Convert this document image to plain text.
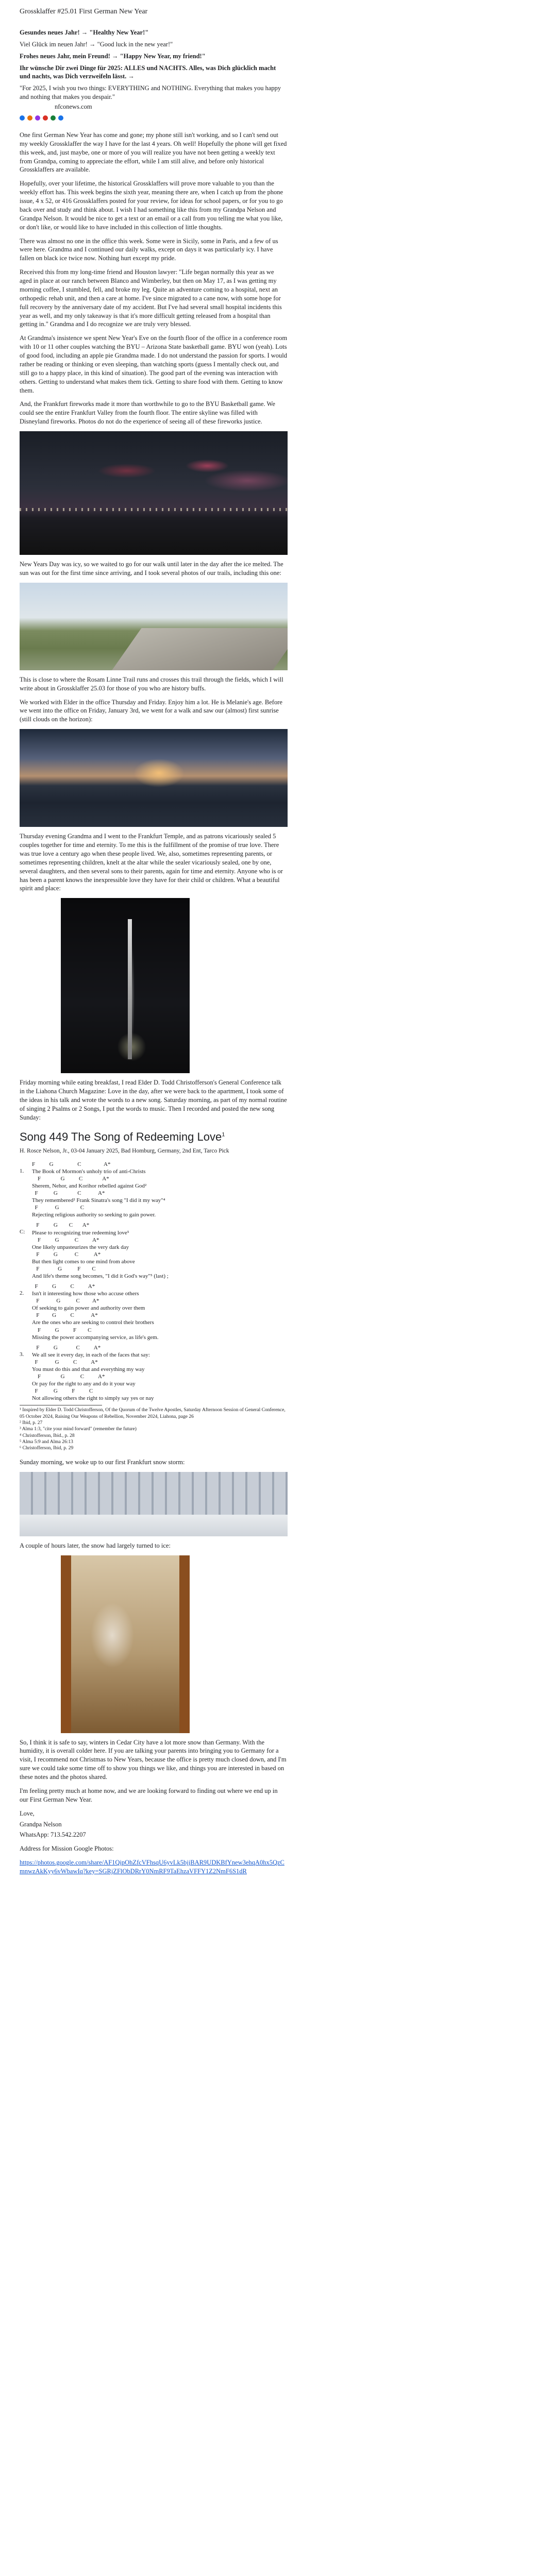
Grossklaffer #25.01 First German New Year

Gesundes neues Jahr! → "Healthy New Year!"

Viel Glück im neuen Jahr! → "Good luck in the new year!"

Frohes neues Jahr, mein Freund! → "Happy New Year, my friend!"

Ihr wünsche Dir zwei Dinge für 2025: ALLES und NACHTS. Alles, was Dich glücklich macht und nachts, was Dich verzweifeln lässt. →

"For 2025, I wish you two things: EVERYTHING and NOTHING. Everything that makes you happy and nothing that makes you despair."

nfconews.com

One first German New Year has come and gone; my phone still isn't working, and so I can't send out my weekly Grossklaffer the way I have for the last 4 years. Oh well! Hopefully the phone will get fixed this week, and, just maybe, one or more of you will realize you have not been getting a weekly text from Grandpa, coming to appreciate the effort, while I am still alive, and before only historical Grossklaffers are available.

Hopefully, over your lifetime, the historical Grossklaffers will prove more valuable to you than the weekly effort has. This week begins the sixth year, meaning there are, when I catch up from the phone issue, 4 x 52, or 416 Grossklaffers posted for your review, for ideas for school papers, or for you to go back over and study and think about. I wish I had something like this from my Grandpa Nelson and Grandpa Nelson. It would be nice to get a text or an email or a call from you telling me what you like, or don't like, or would like to have included in this collection of little thoughts.

There was almost no one in the office this week. Some were in Sicily, some in Paris, and a few of us were here. Grandma and I continued our daily walks, except on days it was particularly icy. I have fallen on black ice twice now. Nothing hurt except my pride.

Received this from my long-time friend and Houston lawyer: "Life began normally this year as we aged in place at our ranch between Blanco and Wimberley, but then on May 17, as I was getting my morning coffee, I stumbled, fell, and broke my leg. Quite an adventure coming to a hospital, next an orthopedic rehab unit, and then a care at home. I've since migrated to a cane now, with some hope for full recovery by the anniversary date of my accident. But I've had several small hospital incidents this year as well, and my only takeaway is that it's more difficult getting released from a hospital than getting in." Grandma and I do recognize we are truly very blessed.

At Grandma's insistence we spent New Year's Eve on the fourth floor of the office in a conference room with 10 or 11 other couples watching the BYU – Arizona State basketball game. BYU won (yeah). Lots of good food, including an apple pie Grandma made. I do not understand the passion for sports. I would rather be reading or thinking or even sleeping, than watching sports (guess I mentally check out, and still go to a happy place, in this kind of situation). The good part of the evening was interaction with others. Getting to understand what makes them tick. Getting to share food with them. Getting to know them.

And, the Frankfurt fireworks made it more than worthwhile to go to the BYU Basketball game. We could see the entire Frankfurt Valley from the fourth floor. The entire skyline was filled with Disneyland fireworks. Photos do not do the experience of seeing all of these fireworks justice.

New Years Day was icy, so we waited to go for our walk until later in the day after the ice melted. The sun was out for the first time since arriving, and I took several photos of our trails, including this one:

This is close to where the Rosam Linne Trail runs and crosses this trail through the fields, which I will write about in Grossklaffer 25.03 for those of you who are history buffs.

We worked with Elder in the office Thursday and Friday. Enjoy him a lot. He is Melanie's age. Before we went into the office on Friday, January 3rd, we went for a walk and saw our (almost) first sunrise (still clouds on the horizon):

Thursday evening Grandma and I went to the Frankfurt Temple, and as patrons vicariously sealed 5 couples together for time and eternity. To me this is the fulfillment of the promise of true love. There was true love a century ago when these people lived. We, also, sometimes representing parents, or sometimes representing children, knelt at the altar while the sealer vicariously sealed, one by one, several daughters, and then several sons to their parents, again for time and eternity. Anyone who is or has been a parent knows the inexpressible love they have for their child or children. What a beautiful spirit and place:

Friday morning while eating breakfast, I read Elder D. Todd Christofferson's General Conference talk in the Liahona Church Magazine: Love in the day, after we were back to the apartment, I took some of the ideas in his talk and wrote the words to a new song. Saturday morning, as part of my normal routine of singing 2 Psalms or 2 Songs, I put the words to music. Then I recorded and posted the new song Sunday:

Song 449 The Song of Redeeming Love$^1$
H. Rosce Nelson, Jr., 03-04 January 2025, Bad Homburg, Germany, 2nd Ent, Tarco Pick
1.
F          G                 C                A*
The Book of Mormon's unholy trio of anti-Christs
F              G          C              A*
Sherem, Nehor, and Korihor rebelled against God²
F           G              C            A*
They remembered² Frank Sinatra's song "I did it my way"⁴
F            G               C
Rejecting religious authority so seeking to gain power.
C:
F          G        C       A*
Please to recognizing true redeeming love⁵
F          G           C          A*
One likely unpasteurizes the very dark day
F          G            C           A*
But then light comes to one mind from above
F             G           F        C
And life's theme song becomes, "I did it God's way"⁵ (last) ;
2.
F          G          C          A*
Isn't it interesting how those who accuse others
F            G           C         A*
Of seeking to gain power and authority over them
F         G          C            A*
Are the ones who are seeking to control their brothers
F          G          F        C
Missing the power accompanying service, as life's gem.
3.
F          G             C          A*
We all see it every day, in each of the faces that say:
F            G          C          A*
You must do this and that and everything my way
F              G           C          A*
Or pay for the right to any and do it your way
F           G          F          C
Not allowing others the right to simply say yes or nay
¹ Inspired by Elder D. Todd Christofferson, Of the Quorum of the Twelve Apostles, Saturday Afternoon Session of General Conference, 05 October 2024, Raising Our Weapons of Rebellion, November 2024, Liahona, page 26
² Ibid, p. 27
³ Alma 1:3, "cite your mind forward" (remember the future)
⁴ Christofferson, Ibid., p. 28
⁵ Alma 5:9 and Alma 26:13
⁶ Christofferson, Ibid, p. 29

Sunday morning, we woke up to our first Frankfurt snow storm:

A couple of hours later, the snow had largely turned to ice:

So, I think it is safe to say, winters in Cedar City have a lot more snow than Germany. With the humidity, it is overall colder here. If you are talking your parents into bringing you to Germany for a visit, I recommend not Christmas to New Years, because the office is pretty much closed down, and I'm sure we could take some time off to show you things we like, and things you are interested in based on these notes and the photos shared.

I'm feeling pretty much at home now, and we are looking forward to finding out where we end up in our First German New Year.

Love,

Grandpa Nelson

WhatsApp: 713.542.2207

Address for Mission Google Photos:

https://photos.google.com/share/AF1QipOhZfcVFhsqU6yvLk5bjjBAR9UDKBfYnew3ehqA0hx5QzCmnwzAkKyy6vWbawIq?key=SGRjZFlObDRrY0NmRF9TaEhzaVFFY1Z2NmF6S1dR
